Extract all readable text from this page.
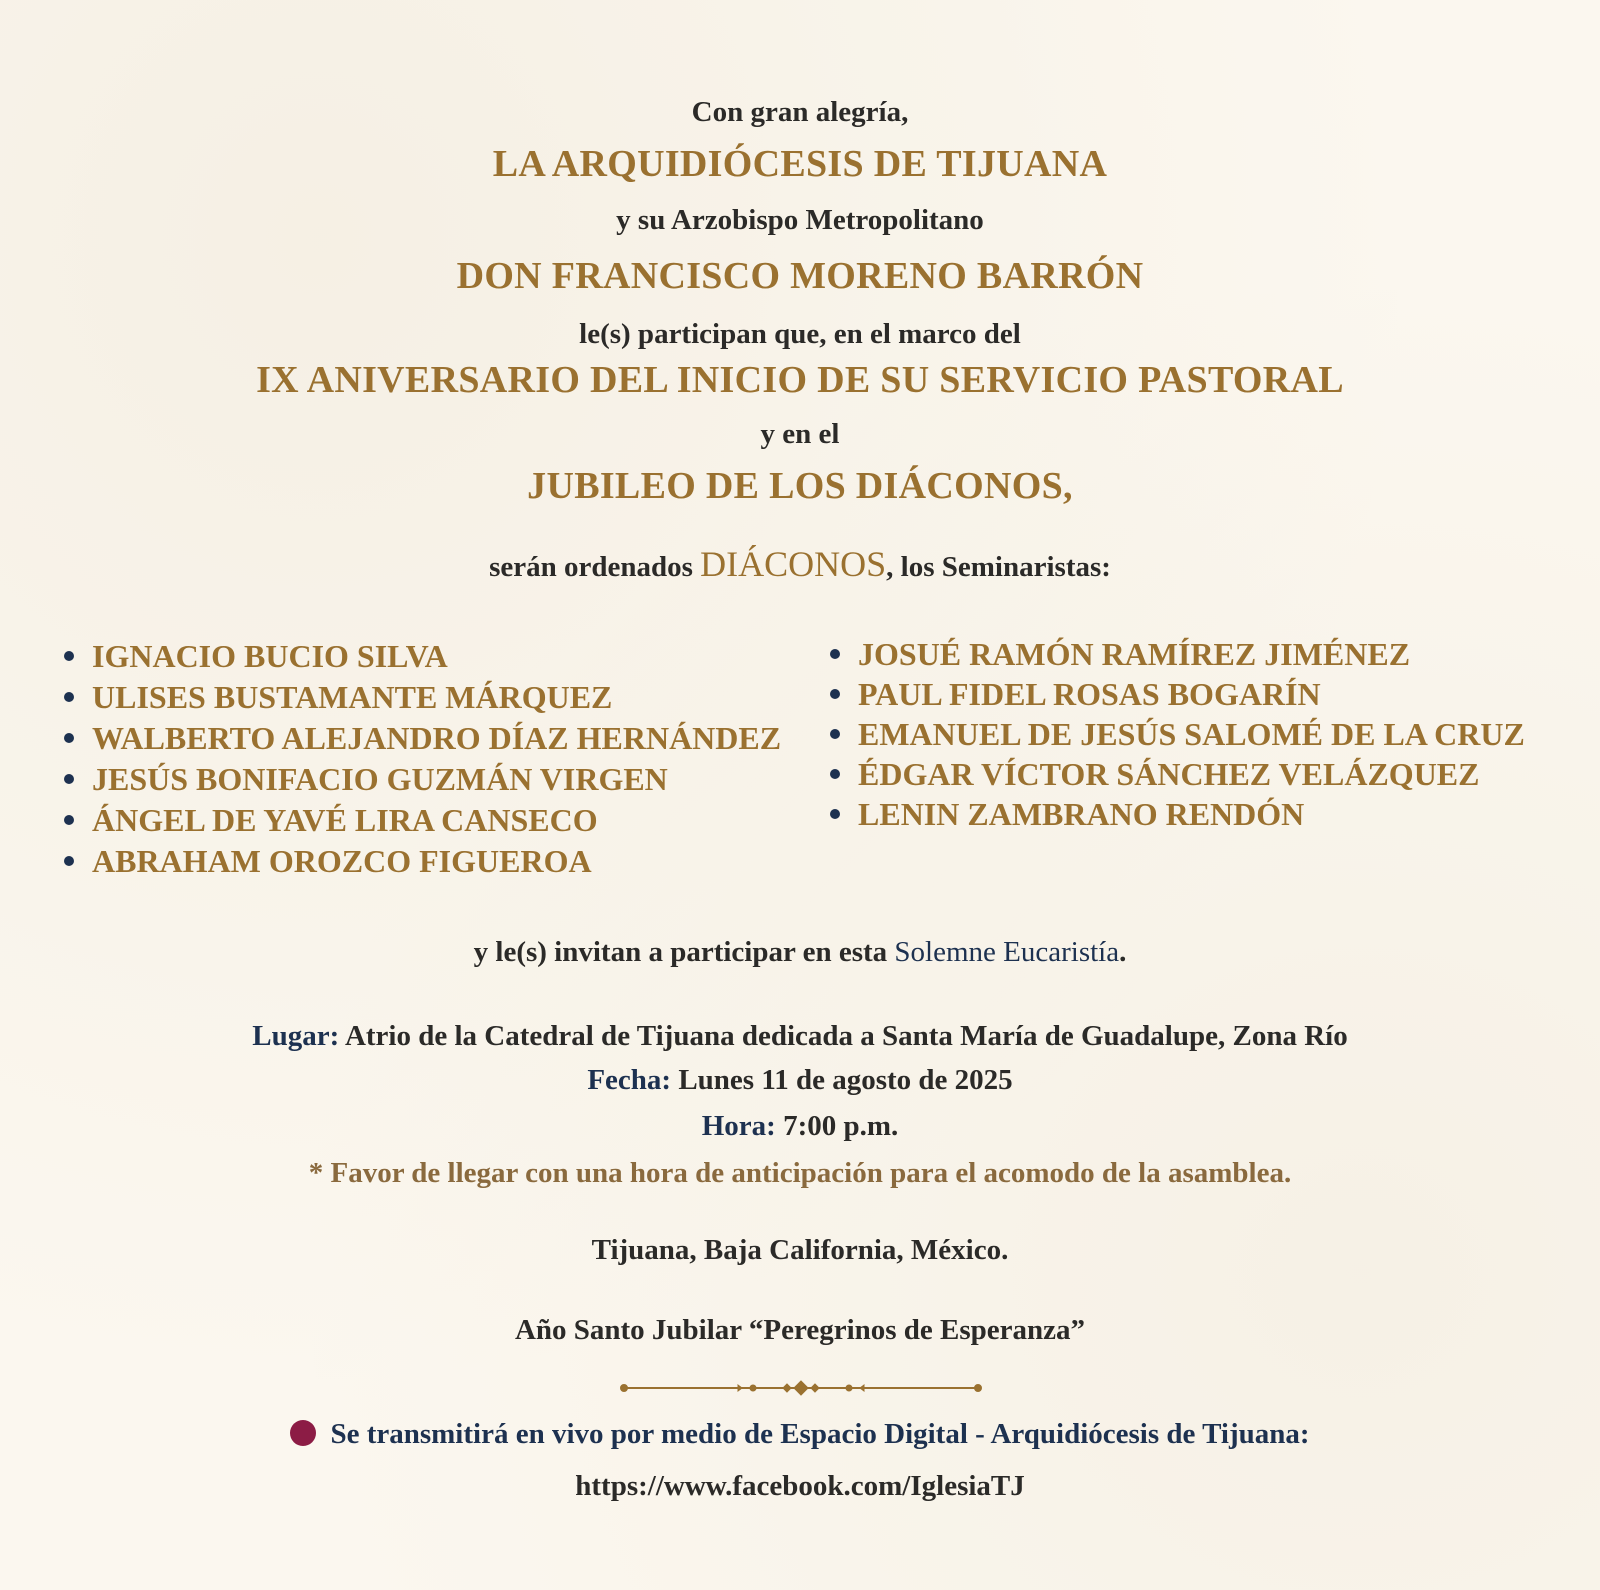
Con gran alegría,
LA ARQUIDIÓCESIS DE TIJUANA
y su Arzobispo Metropolitano
DON FRANCISCO MORENO BARRÓN
le(s) participan que, en el marco del
IX ANIVERSARIO DEL INICIO DE SU SERVICIO PASTORAL
y en el
JUBILEO DE LOS DIÁCONOS,
serán ordenados DIÁCONOS, los Seminaristas:
IGNACIO BUCIO SILVA
ULISES BUSTAMANTE MÁRQUEZ
WALBERTO ALEJANDRO DÍAZ HERNÁNDEZ
JESÚS BONIFACIO GUZMÁN VIRGEN
ÁNGEL DE YAVÉ LIRA CANSECO
ABRAHAM OROZCO FIGUEROA
JOSUÉ RAMÓN RAMÍREZ JIMÉNEZ
PAUL FIDEL ROSAS BOGARÍN
EMANUEL DE JESÚS SALOMÉ DE LA CRUZ
ÉDGAR VÍCTOR SÁNCHEZ VELÁZQUEZ
LENIN ZAMBRANO RENDÓN
y le(s) invitan a participar en esta Solemne Eucaristía.
Lugar: Atrio de la Catedral de Tijuana dedicada a Santa María de Guadalupe, Zona Río
Fecha: Lunes 11 de agosto de 2025
Hora: 7:00 p.m.
* Favor de llegar con una hora de anticipación para el acomodo de la asamblea.
Tijuana, Baja California, México.
Año Santo Jubilar “Peregrinos de Esperanza”
Se transmitirá en vivo por medio de Espacio Digital - Arquidiócesis de Tijuana:
https://www.facebook.com/IglesiaTJ
